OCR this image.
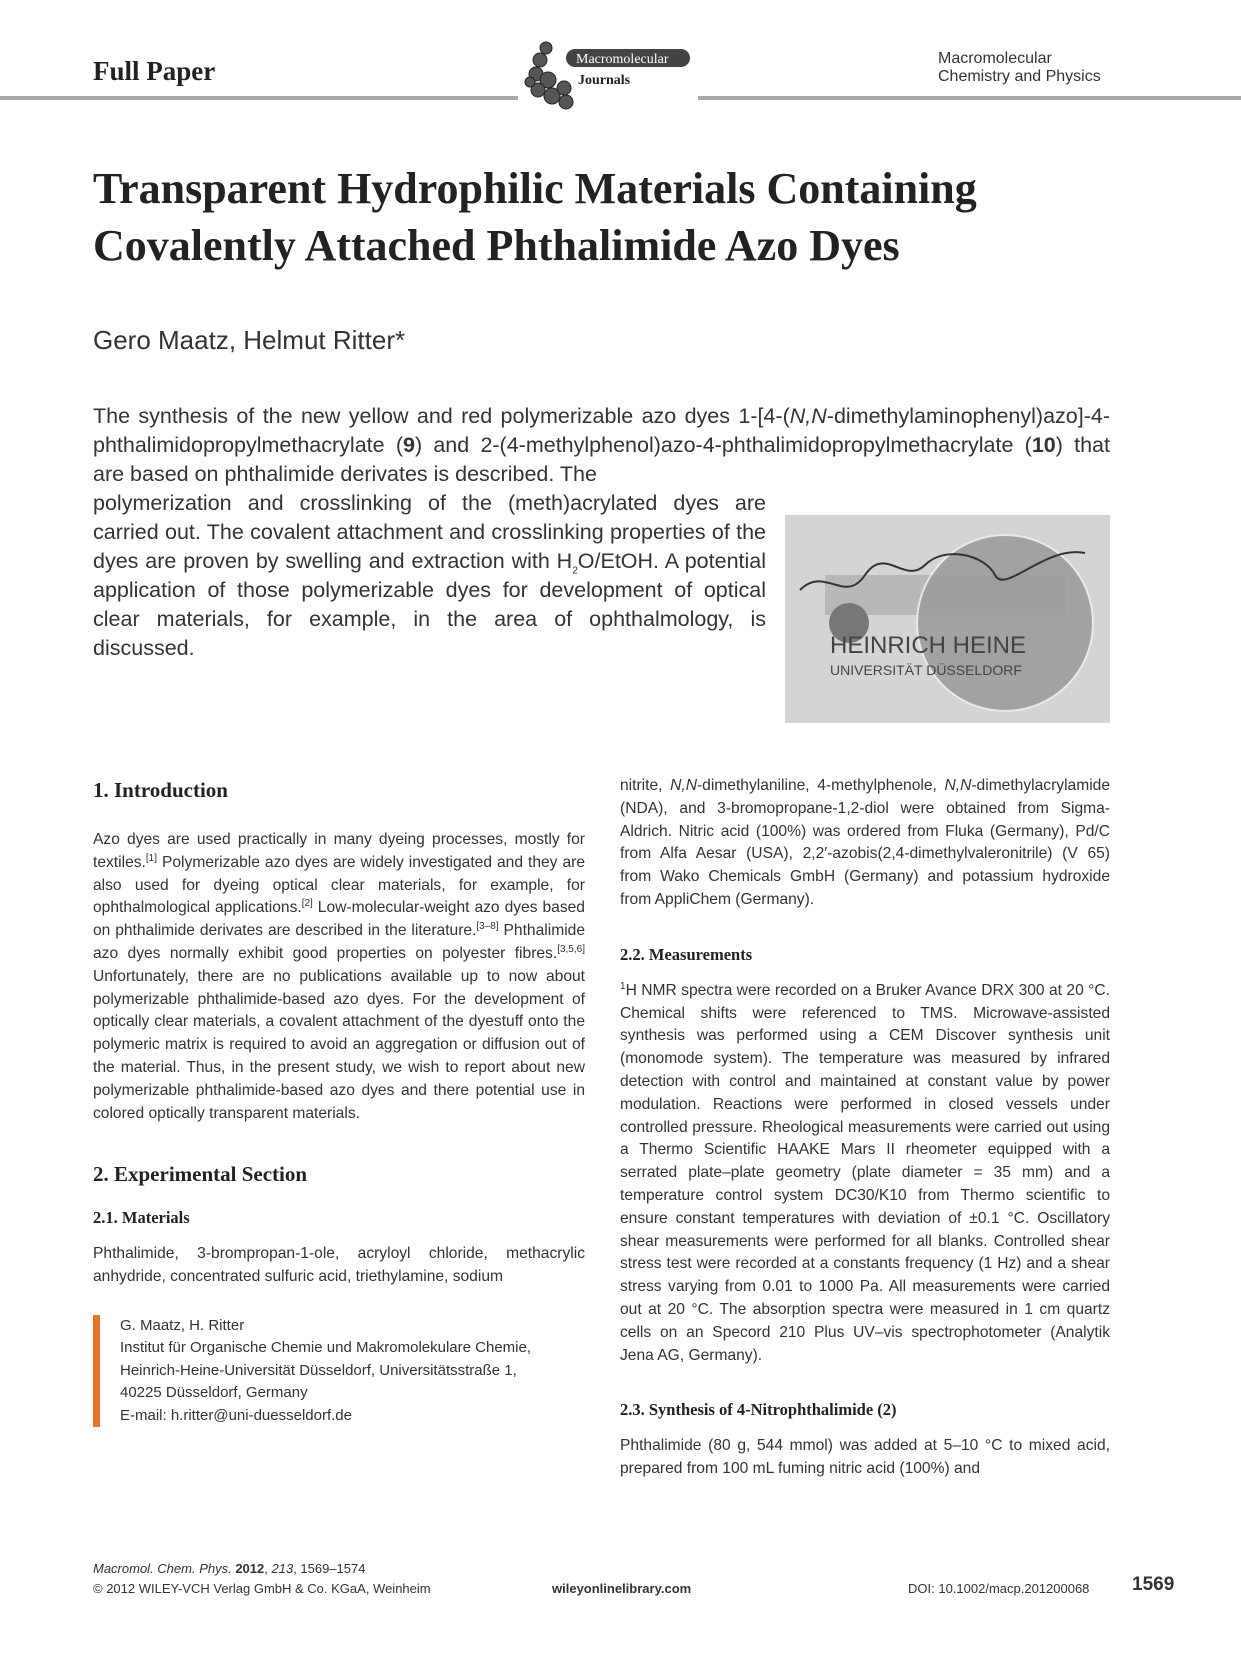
Full Paper	Macromolecular
Journals
Macromolecular
Chemistry and Physics
Transparent Hydrophilic Materials Containing Covalently Attached Phthalimide Azo Dyes
Gero Maatz, Helmut Ritter*
The synthesis of the new yellow and red polymerizable azo dyes 1-[4-(N,N-dimethylaminophenyl)azo]-4-phthalimidopropylmethacrylate (9) and 2-(4-methylphenol)azo-4-phthalimidopropylmethacrylate (10) that are based on phthalimide derivates is described. The
polymerization and crosslinking of the (meth)acrylated dyes are carried out. The covalent attachment and crosslinking properties of the dyes are proven by swelling and extraction with $H_2O$/EtOH. A potential application of those polymerizable dyes for development of optical clear materials, for example, in the area of ophthalmology, is discussed.	HEINRICH HEINE
UNIVERSITÄT DÜSSELDORF
1. Introduction
Azo dyes are used practically in many dyeing processes, mostly for textiles.[1] Polymerizable azo dyes are widely investigated and they are also used for dyeing optical clear materials, for example, for ophthalmological applications.[2] Low-molecular-weight azo dyes based on phthalimide derivates are described in the literature.[3–8] Phthalimide azo dyes normally exhibit good properties on polyester fibres.[3,5,6] Unfortunately, there are no publications available up to now about polymerizable phthalimide-based azo dyes. For the development of optically clear materials, a covalent attachment of the dyestuff onto the polymeric matrix is required to avoid an aggregation or diffusion out of the material. Thus, in the present study, we wish to report about new polymerizable phthalimide-based azo dyes and there potential use in colored optically transparent materials.
2. Experimental Section
2.1. Materials
Phthalimide, 3-brompropan-1-ole, acryloyl chloride, methacrylic anhydride, concentrated sulfuric acid, triethylamine, sodium
G. Maatz, H. Ritter
Institut für Organische Chemie und Makromolekulare Chemie,
Heinrich-Heine-Universität Düsseldorf, Universitätsstraße 1,
40225 Düsseldorf, Germany
E-mail: h.ritter@uni-duesseldorf.de
nitrite, N,N-dimethylaniline, 4-methylphenole, N,N-dimethylacrylamide (NDA), and 3-bromopropane-1,2-diol were obtained from Sigma-Aldrich. Nitric acid (100%) was ordered from Fluka (Germany), Pd/C from Alfa Aesar (USA), 2,2′-azobis(2,4-dimethylvaleronitrile) (V 65) from Wako Chemicals GmbH (Germany) and potassium hydroxide from AppliChem (Germany).
2.2. Measurements
$^1$H NMR spectra were recorded on a Bruker Avance DRX 300 at 20 °C. Chemical shifts were referenced to TMS. Microwave-assisted synthesis was performed using a CEM Discover synthesis unit (monomode system). The temperature was measured by infrared detection with control and maintained at constant value by power modulation. Reactions were performed in closed vessels under controlled pressure. Rheological measurements were carried out using a Thermo Scientific HAAKE Mars II rheometer equipped with a serrated plate–plate geometry (plate diameter = 35 mm) and a temperature control system DC30/K10 from Thermo scientific to ensure constant temperatures with deviation of ±0.1 °C. Oscillatory shear measurements were performed for all blanks. Controlled shear stress test were recorded at a constants frequency (1 Hz) and a shear stress varying from 0.01 to 1000 Pa. All measurements were carried out at 20 °C. The absorption spectra were measured in 1 cm quartz cells on an Specord 210 Plus UV–vis spectrophotometer (Analytik Jena AG, Germany).
2.3. Synthesis of 4-Nitrophthalimide (2)
Phthalimide (80 g, 544 mmol) was added at 5–10 °C to mixed acid, prepared from 100 mL fuming nitric acid (100%) and
Macromol. Chem. Phys. 2012, 213, 1569–1574
© 2012 WILEY-VCH Verlag GmbH & Co. KGaA, Weinheim	wileyonlinelibrary.com	DOI: 10.1002/macp.201200068 1569
